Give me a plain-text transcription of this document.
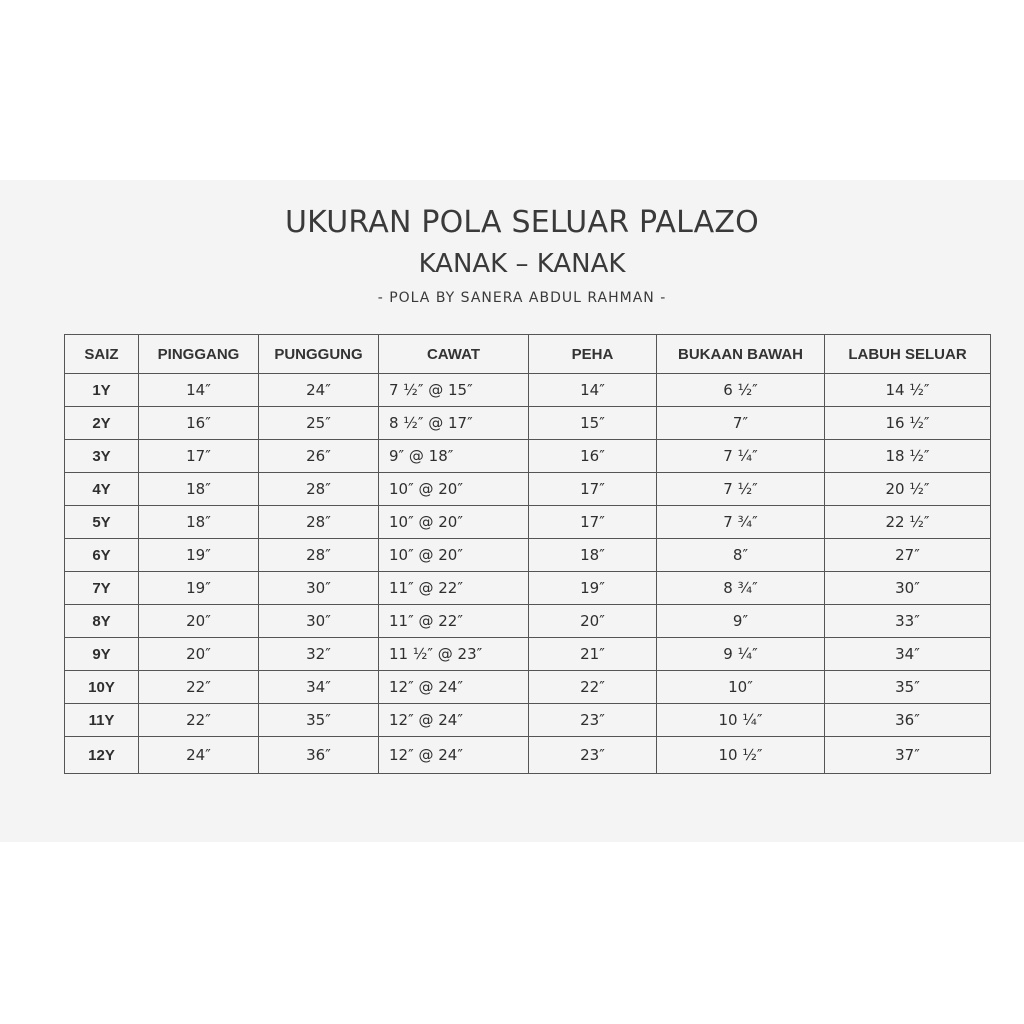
UKURAN POLA SELUAR PALAZO
KANAK – KANAK
- POLA BY SANERA ABDUL RAHMAN -
SAIZ	PINGGANG	PUNGGUNG	CAWAT	PEHA	BUKAAN BAWAH	LABUH SELUAR
1Y	14″	24″	7 ½″ @ 15″	14″	6 ½″	14 ½″
2Y	16″	25″	8 ½″ @ 17″	15″	7″	16 ½″
3Y	17″	26″	9″ @ 18″	16″	7 ¼″	18 ½″
4Y	18″	28″	10″ @ 20″	17″	7 ½″	20 ½″
5Y	18″	28″	10″ @ 20″	17″	7 ¾″	22 ½″
6Y	19″	28″	10″ @ 20″	18″	8″	27″
7Y	19″	30″	11″ @ 22″	19″	8 ¾″	30″
8Y	20″	30″	11″ @ 22″	20″	9″	33″
9Y	20″	32″	11 ½″ @ 23″	21″	9 ¼″	34″
10Y	22″	34″	12″ @ 24″	22″	10″	35″
11Y	22″	35″	12″ @ 24″	23″	10 ¼″	36″
12Y	24″	36″	12″ @ 24″	23″	10 ½″	37″
